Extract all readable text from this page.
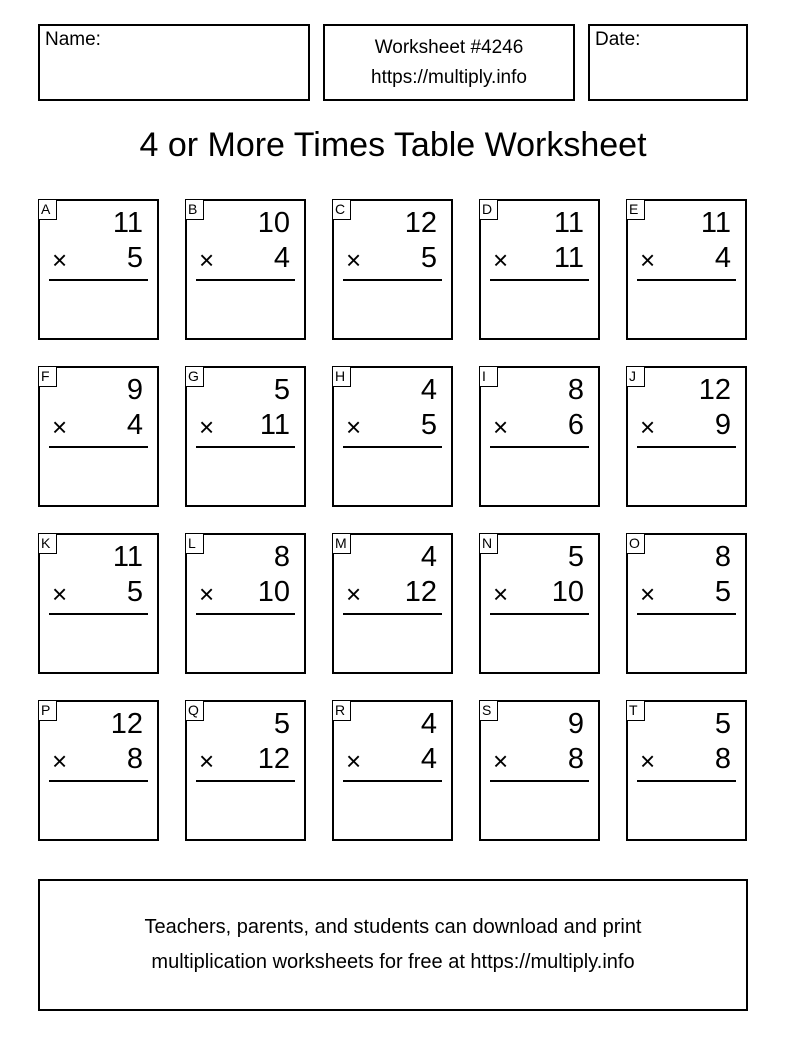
Name:	Worksheet #4246
https://multiply.info
Date:
4 or More Times Table Worksheet
A 11
× 5
B 10
× 4
C 12
× 5
D 11
× 11
E 11
× 4
F	9
× 4
G	5
× 11
H	4
× 5
I	8
× 6
J	12
× 9
K 11
× 5
L	8
× 10
M	4
× 12
N	5
× 10
O	8
× 5
P 12
× 8
Q	5
× 12
R	4
× 4
S	9
× 8
T	5
× 8
Teachers, parents, and students can download and print
multiplication worksheets for free at https://multiply.info
